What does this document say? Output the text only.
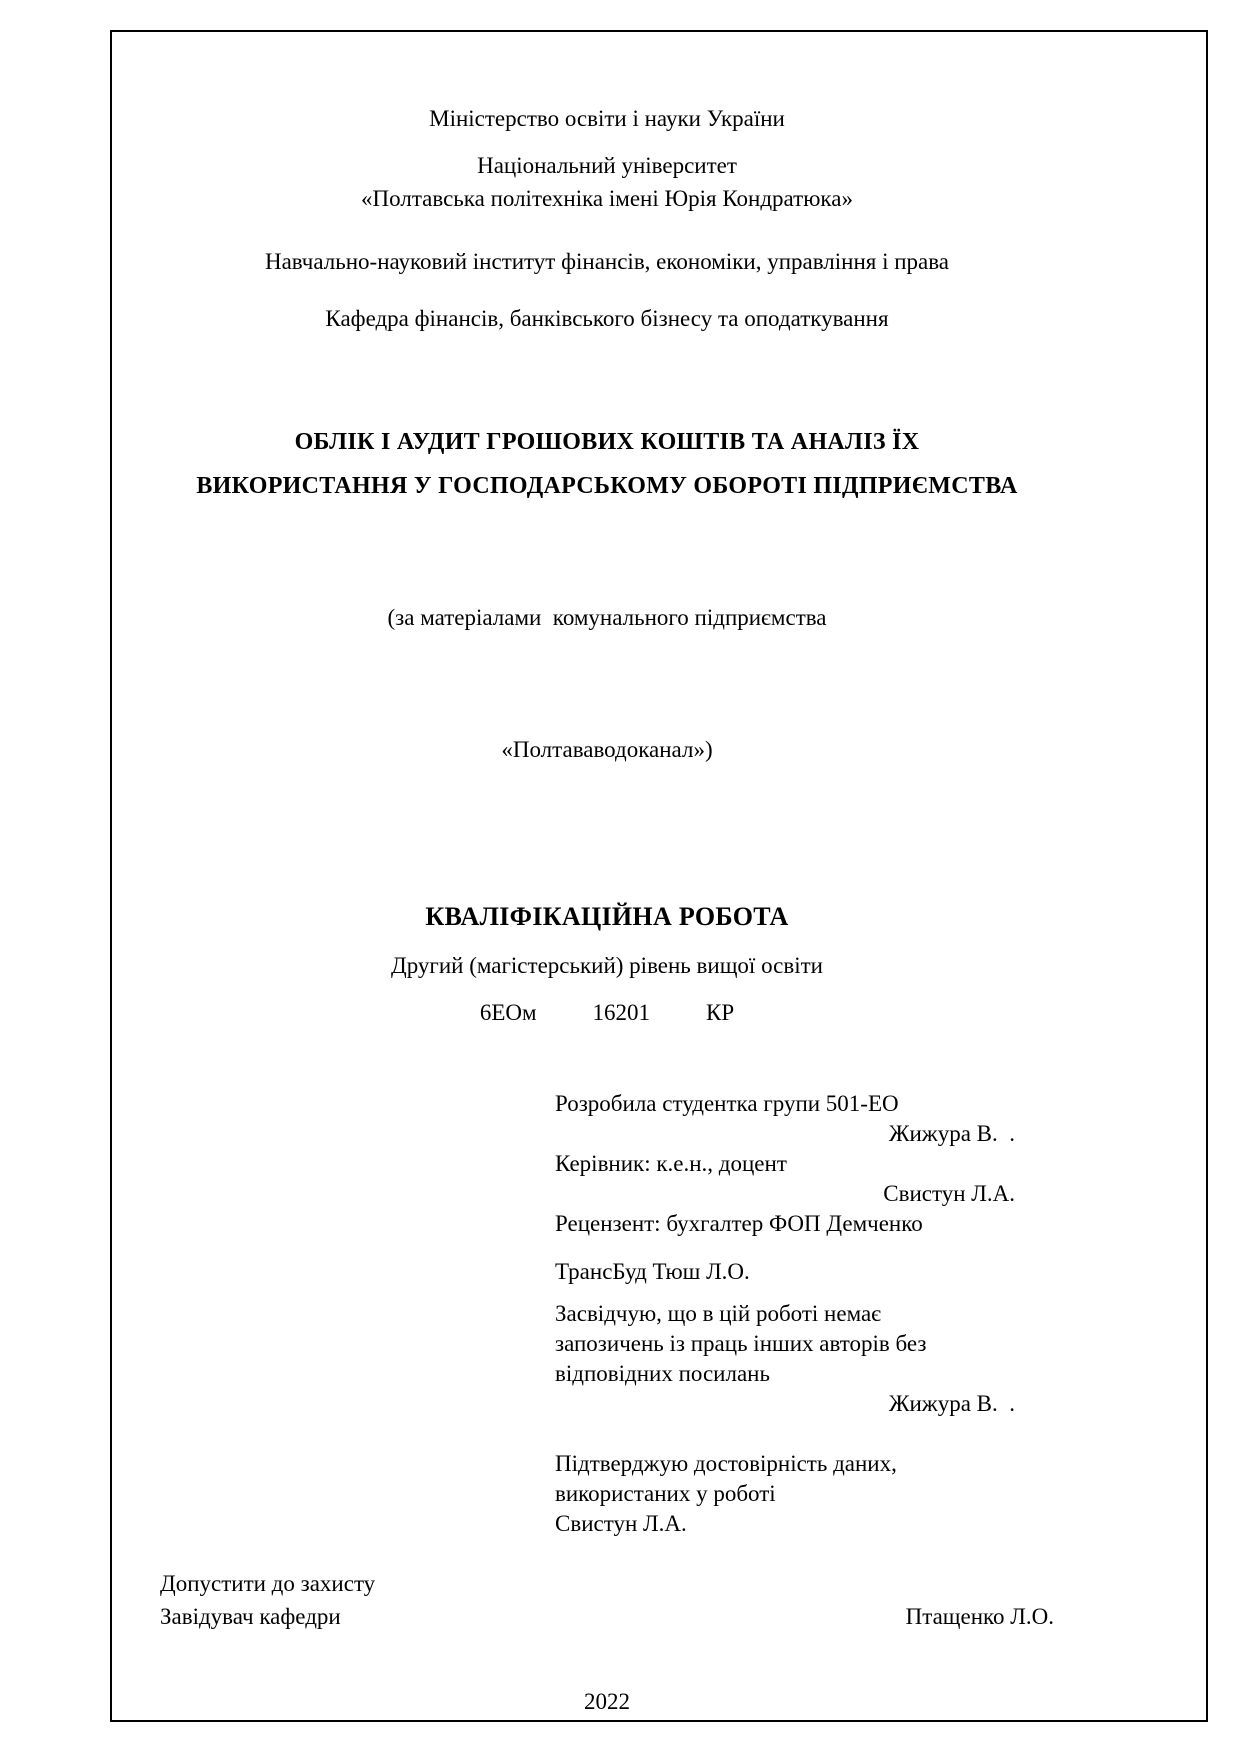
Міністерство освіти і науки України

Національний університет

«Полтавська політехніка імені Юрія Кондратюка»

Навчально-науковий інститут фінансів, економіки, управління і права

Кафедра фінансів, банківського бізнесу та оподаткування

ОБЛІК І АУДИТ ГРОШОВИХ КОШТІВ ТА АНАЛІЗ ЇХ

ВИКОРИСТАННЯ У ГОСПОДАРСЬКОМУ ОБОРОТІ ПІДПРИЄМСТВА

(за матеріалами  комунального підприємства

«Полтававодоканал»)

КВАЛІФІКАЦІЙНА РОБОТА

Другий (магістерський) рівень вищої освіти

6ЕОм 16201 КР

Розробила студентка групи 501-ЕО

Жижура В.  .

Керівник: к.е.н., доцент

Свистун Л.А.

Рецензент: бухгалтер ФОП Демченко

ТрансБуд Тюш Л.О.

Засвідчую, що в цій роботі немає

запозичень із праць інших авторів без

відповідних посилань

Жижура В.  .

Підтверджую достовірність даних,

використаних у роботі

Свистун Л.А.

Допустити до захисту

Завідувач кафедри	Птащенко Л.О.

2022
